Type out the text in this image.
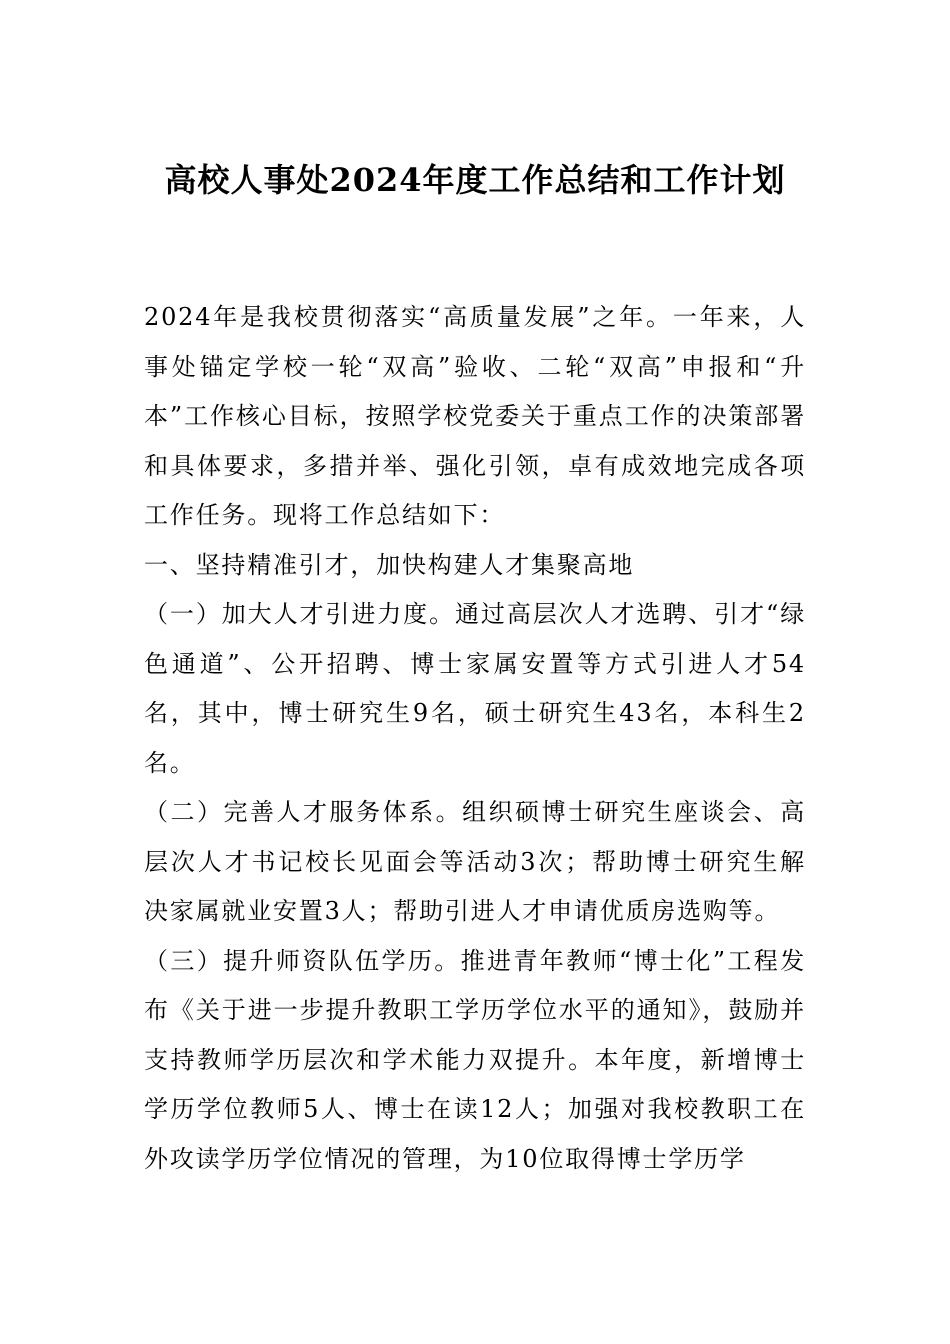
高校人事处2024年度工作总结和工作计划

2024年是我校贯彻落实“高质量发展”之年。一年来，人事处锚定学校一轮“双高”验收、二轮“双高”申报和“升本”工作核心目标，按照学校党委关于重点工作的决策部署和具体要求，多措并举、强化引领，卓有成效地完成各项工作任务。现将工作总结如下：

一、坚持精准引才，加快构建人才集聚高地

（一）加大人才引进力度。通过高层次人才选聘、引才“绿色通道”、公开招聘、博士家属安置等方式引进人才54名，其中，博士研究生9名，硕士研究生43名，本科生2名。

（二）完善人才服务体系。组织硕博士研究生座谈会、高层次人才书记校长见面会等活动3次；帮助博士研究生解决家属就业安置3人；帮助引进人才申请优质房选购等。

（三）提升师资队伍学历。推进青年教师“博士化”工程发布《关于进一步提升教职工学历学位水平的通知》，鼓励并支持教师学历层次和学术能力双提升。本年度，新增博士学历学位教师5人、博士在读12人；加强对我校教职工在外攻读学历学位情况的管理，为10位取得博士学历学
